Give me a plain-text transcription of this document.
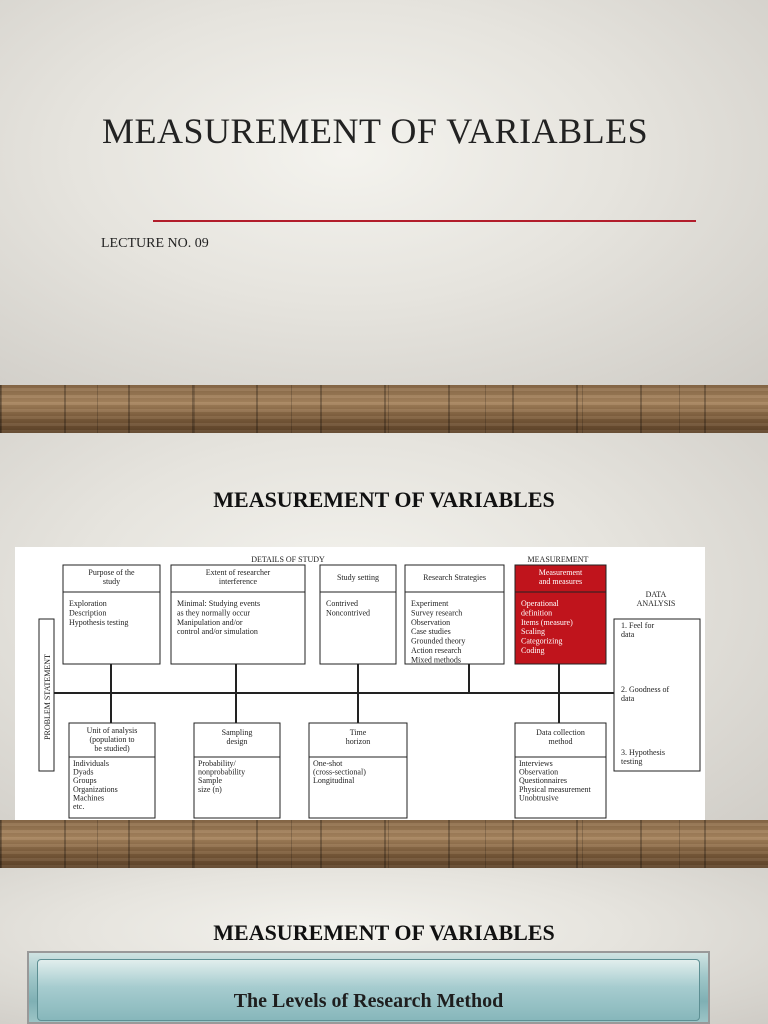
MEASUREMENT OF VARIABLES
LECTURE NO. 09
MEASUREMENT OF VARIABLES
DETAILS OF STUDY	MEASUREMENT
DATA
ANALYSIS
PROBLEM STATEMENT
Purpose of the
study
Exploration
Description
Hypothesis testing
Extent of researcher
interference
Minimal: Studying events
as they normally occur
Manipulation and/or
control and/or simulation
Study setting
Contrived
Noncontrived
Research Strategies
Experiment
Survey research
Observation
Case studies
Grounded theory
Action research
Mixed methods
Measurement
and measures
Operational
definition
Items (measure)
Scaling
Categorizing
Coding
Unit of analysis
(population to
be studied)
Individuals
Dyads
Groups
Organizations
Machines
etc.
Sampling
design
Probability/
nonprobability
Sample
size (n)
Time
horizon
One-shot
(cross-sectional)
Longitudinal
Data collection
method
Interviews
Observation
Questionnaires
Physical measurement
Unobtrusive
1. Feel for
data
2. Goodness of
data
3. Hypothesis
testing
MEASUREMENT OF VARIABLES
The Levels of Research Method
